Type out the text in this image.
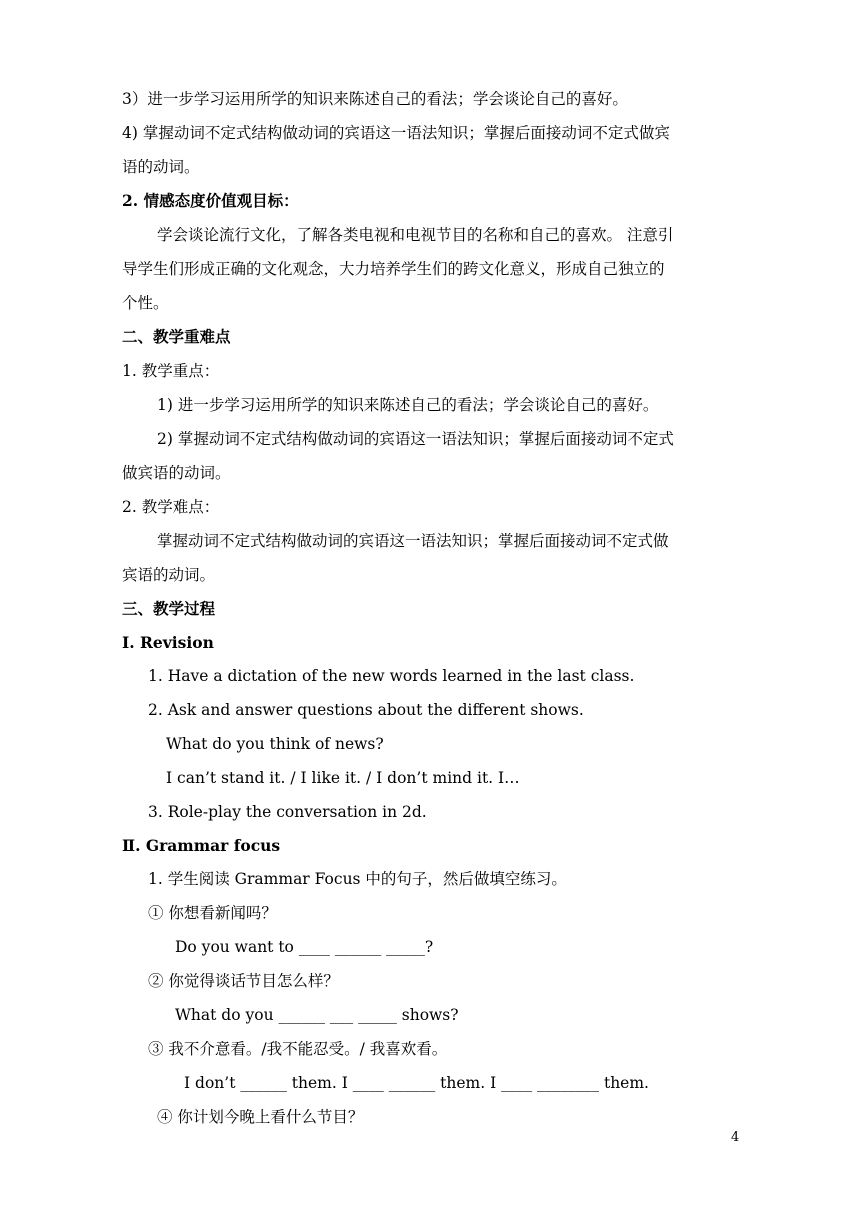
3）进一步学习运用所学的知识来陈述自己的看法；学会谈论自己的喜好。
4) 掌握动词不定式结构做动词的宾语这一语法知识；掌握后面接动词不定式做宾
语的动词。
2. 情感态度价值观目标：
学会谈论流行文化，了解各类电视和电视节目的名称和自己的喜欢。 注意引
导学生们形成正确的文化观念，大力培养学生们的跨文化意义，形成自己独立的
个性。
二、教学重难点
1. 教学重点：
1) 进一步学习运用所学的知识来陈述自己的看法；学会谈论自己的喜好。
2) 掌握动词不定式结构做动词的宾语这一语法知识；掌握后面接动词不定式
做宾语的动词。
2. 教学难点：
掌握动词不定式结构做动词的宾语这一语法知识；掌握后面接动词不定式做
宾语的动词。
三、教学过程
Ⅰ. Revision
1. Have a dictation of the new words learned in the last class.
2. Ask and answer questions about the different shows.
What do you think of news?
I can’t stand it. / I like it. / I don’t mind it. I…
3. Role-play the conversation in 2d.
Ⅱ. Grammar focus
1. 学生阅读 Grammar Focus 中的句子，然后做填空练习。
① 你想看新闻吗？
Do you want to ____ ______ _____?
② 你觉得谈话节目怎么样？
What do you ______ ___ _____ shows?
③ 我不介意看。/我不能忍受。/ 我喜欢看。
I don’t ______ them. I ____ ______ them. I ____ ________ them.
④ 你计划今晚上看什么节目？
4
